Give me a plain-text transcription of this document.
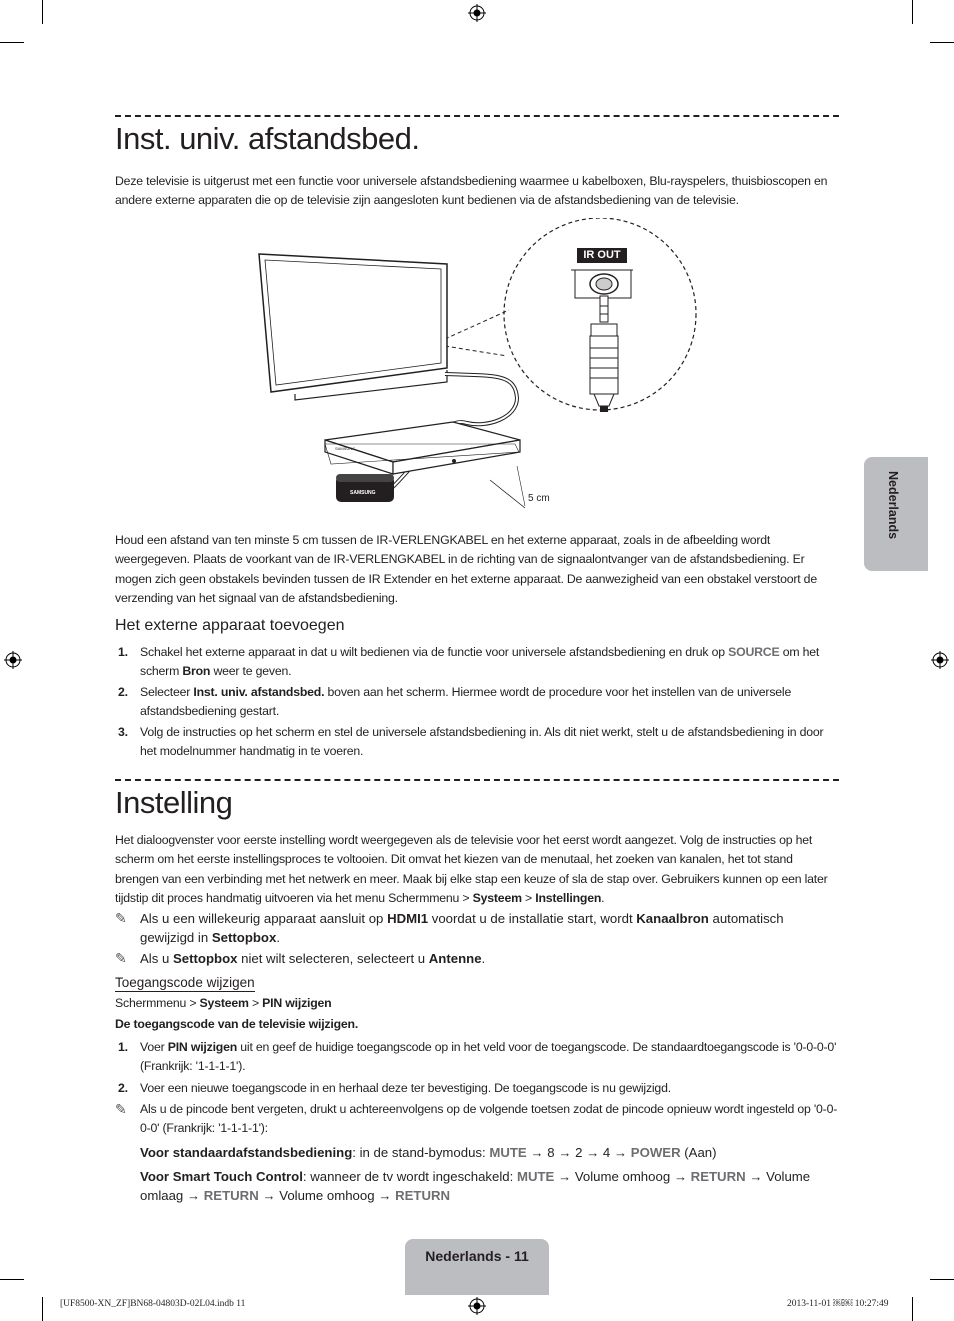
Inst. univ. afstandsbed.

Deze televisie is uitgerust met een functie voor universele afstandsbediening waarmee u kabelboxen, Blu-rayspelers, thuisbioscopen en andere externe apparaten die op de televisie zijn aangesloten kunt bedienen via de afstandsbediening van de televisie.

SAMSUNG
SAMSUNG
IR OUT
5 cm

Houd een afstand van ten minste 5 cm tussen de IR-VERLENGKABEL en het externe apparaat, zoals in de afbeelding wordt weergegeven. Plaats de voorkant van de IR-VERLENGKABEL in de richting van de signaalontvanger van de afstandsbediening. Er mogen zich geen obstakels bevinden tussen de IR Extender en het externe apparaat. De aanwezigheid van een obstakel verstoort de verzending van het signaal van de afstandsbediening.

Het externe apparaat toevoegen
1. Schakel het externe apparaat in dat u wilt bedienen via de functie voor universele afstandsbediening en druk op SOURCE om het scherm Bron weer te geven.
2. Selecteer Inst. univ. afstandsbed. boven aan het scherm. Hiermee wordt de procedure voor het instellen van de universele afstandsbediening gestart.
3. Volg de instructies op het scherm en stel de universele afstandsbediening in. Als dit niet werkt, stelt u de afstandsbediening in door het modelnummer handmatig in te voeren.
Instelling

Het dialoogvenster voor eerste instelling wordt weergegeven als de televisie voor het eerst wordt aangezet. Volg de instructies op het scherm om het eerste instellingsproces te voltooien. Dit omvat het kiezen van de menutaal, het zoeken van kanalen, het tot stand brengen van een verbinding met het netwerk en meer. Maak bij elke stap een keuze of sla de stap over. Gebruikers kunnen op een later tijdstip dit proces handmatig uitvoeren via het menu Schermmenu > Systeem > Instellingen.

✎ Als u een willekeurig apparaat aansluit op HDMI1 voordat u de installatie start, wordt Kanaalbron automatisch gewijzigd in Settopbox.
✎ Als u Settopbox niet wilt selecteren, selecteert u Antenne.
Toegangscode wijzigen
Schermmenu > Systeem > PIN wijzigen
De toegangscode van de televisie wijzigen.
1. Voer PIN wijzigen uit en geef de huidige toegangscode op in het veld voor de toegangscode. De standaardtoegangscode is '0-0-0-0' (Frankrijk: '1-1-1-1').
2. Voer een nieuwe toegangscode in en herhaal deze ter bevestiging. De toegangscode is nu gewijzigd.
✎ Als u de pincode bent vergeten, drukt u achtereenvolgens op de volgende toetsen zodat de pincode opnieuw wordt ingesteld op '0-0-0-0' (Frankrijk: '1-1-1-1'):
Voor standaardafstandsbediening: in de stand-bymodus: MUTE → 8 → 2 → 4 → POWER (Aan)
Voor Smart Touch Control: wanneer de tv wordt ingeschakeld: MUTE → Volume omhoog → RETURN → Volume omlaag → RETURN → Volume omhoog → RETURN
Nederlands
Nederlands - 11
[UF8500-XN_ZF]BN68-04803D-02L04.indb 11	2013-11-01 ￼￼ 10:27:49
